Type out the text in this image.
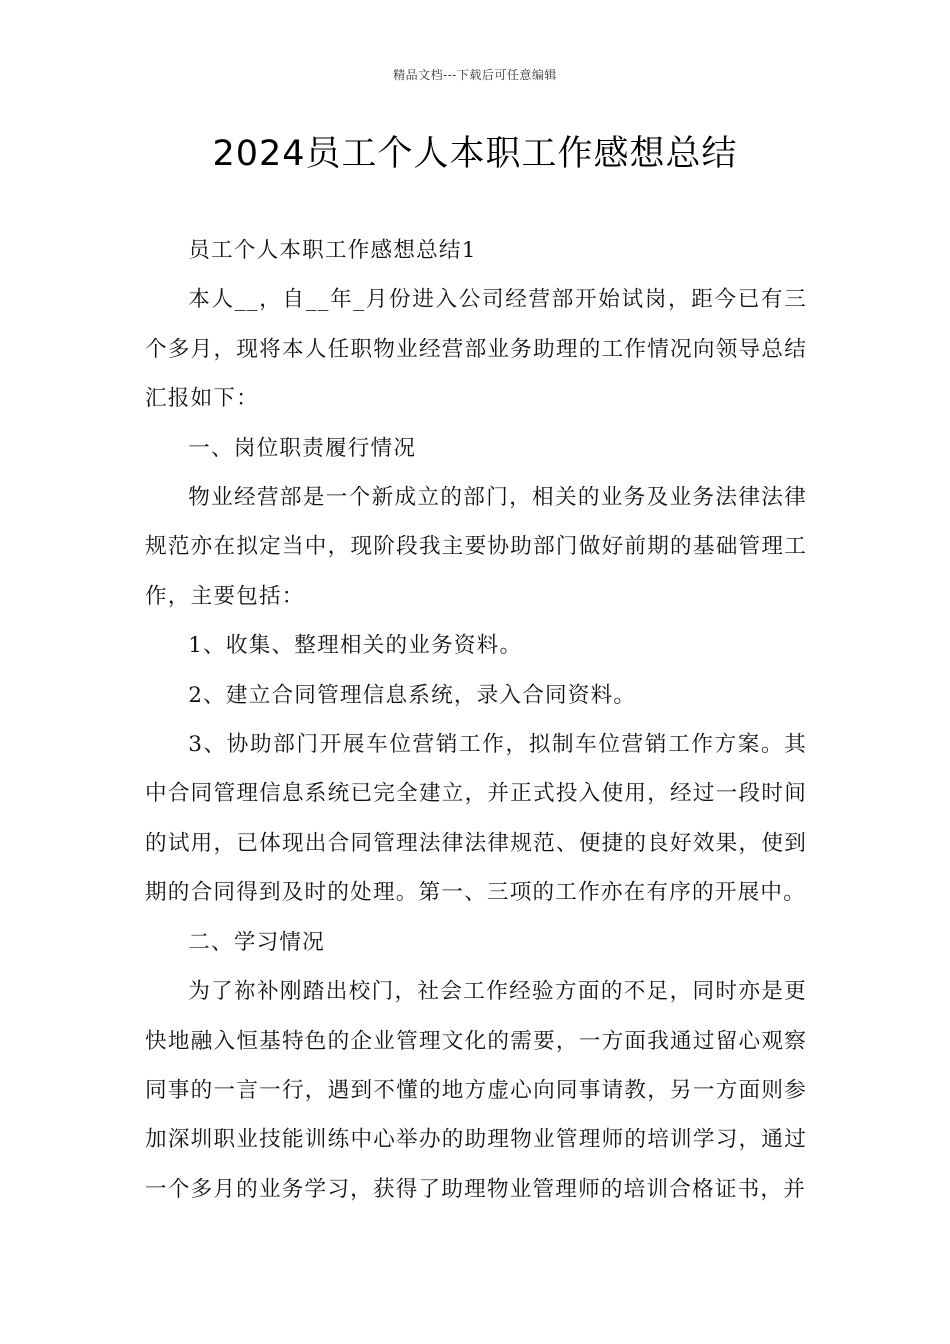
精品文档---下载后可任意编辑
2024员工个人本职工作感想总结

员工个人本职工作感想总结1

本人__，自__年_月份进入公司经营部开始试岗，距今已有三个多月，现将本人任职物业经营部业务助理的工作情况向领导总结汇报如下：

一、岗位职责履行情况

物业经营部是一个新成立的部门，相关的业务及业务法律法律规范亦在拟定当中，现阶段我主要协助部门做好前期的基础管理工作，主要包括：

1、收集、整理相关的业务资料。

2、建立合同管理信息系统，录入合同资料。

3、协助部门开展车位营销工作，拟制车位营销工作方案。其中合同管理信息系统已完全建立，并正式投入使用，经过一段时间的试用，已体现出合同管理法律法律规范、便捷的良好效果，使到期的合同得到及时的处理。第一、三项的工作亦在有序的开展中。

二、学习情况

为了祢补刚踏出校门，社会工作经验方面的不足，同时亦是更快地融入恒基特色的企业管理文化的需要，一方面我通过留心观察同事的一言一行，遇到不懂的地方虚心向同事请教，另一方面则参加深圳职业技能训练中心举办的助理物业管理师的培训学习，通过一个多月的业务学习，获得了助理物业管理师的培训合格证书，并
